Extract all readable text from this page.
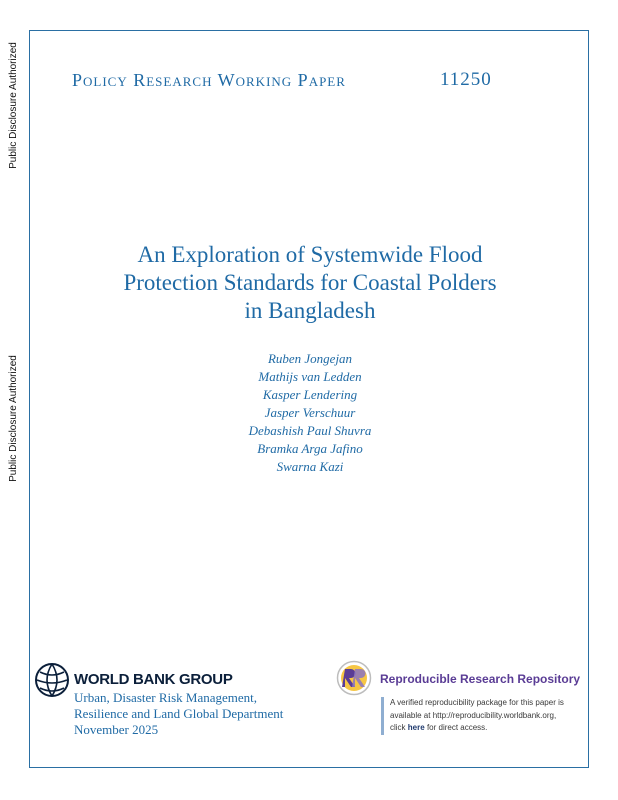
Public Disclosure Authorized
Public Disclosure Authorized
Policy Research Working Paper	11250
An Exploration of Systemwide Flood
Protection Standards for Coastal Polders
in Bangladesh
Ruben Jongejan
Mathijs van Ledden
Kasper Lendering
Jasper Verschuur
Debashish Paul Shuvra
Bramka Arga Jafino
Swarna Kazi
WORLD BANK GROUP
Urban, Disaster Risk Management,
Resilience and Land Global Department
November 2025
Reproducible Research Repository
A verified reproducibility package for this paper is
available at http://reproducibility.worldbank.org,
click here for direct access.
